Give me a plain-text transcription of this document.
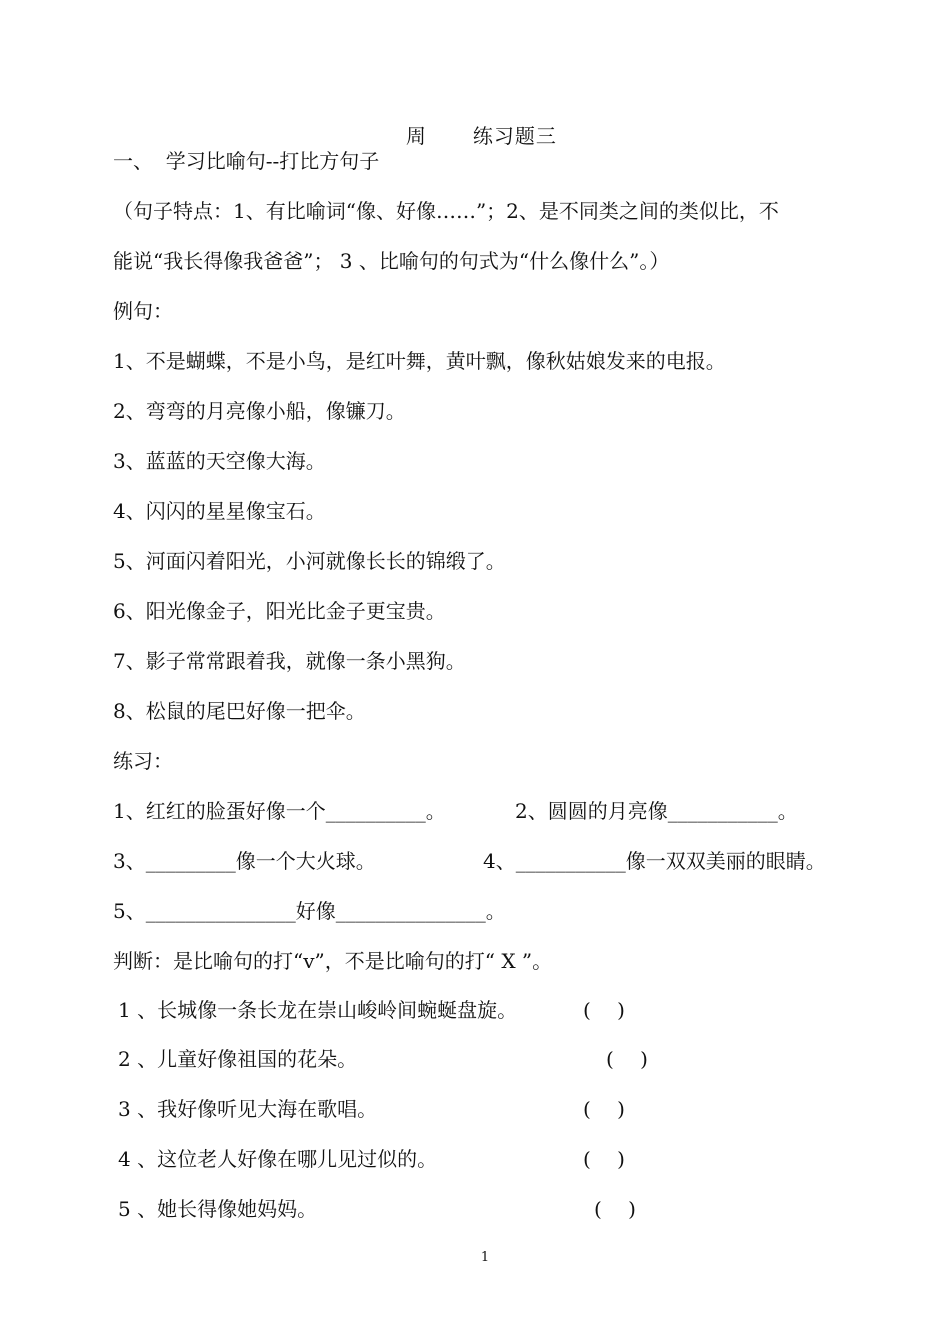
周 练习题三

一、  学习比喻句--打比方句子
（句子特点：1、有比喻词“像、好像……”；2、是不同类之间的类似比，不
能说“我长得像我爸爸”； 3 、比喻句的句式为“什么像什么”。）
例句：
1、不是蝴蝶，不是小鸟，是红叶舞，黄叶飘，像秋姑娘发来的电报。
2、弯弯的月亮像小船，像镰刀。
3、蓝蓝的天空像大海。
4、闪闪的星星像宝石。
5、河面闪着阳光，小河就像长长的锦缎了。
6、阳光像金子，阳光比金子更宝贵。
7、影子常常跟着我，就像一条小黑狗。
8、松鼠的尾巴好像一把伞。
练习：
1、红红的脸蛋好像一个__________。	2、圆圆的月亮像___________。
3、_________像一个大火球。	4、___________像一双双美丽的眼睛。
5、_______________好像_______________。
判断：是比喻句的打“v”，不是比喻句的打“ X ”。
1 、长城像一条长龙在崇山峻岭间蜿蜒盘旋。	(　 )
2 、儿童好像祖国的花朵。	(　 )
3 、我好像听见大海在歌唱。	(　 )
4 、这位老人好像在哪儿见过似的。	(　 )
5 、她长得像她妈妈。	(　 )
1
